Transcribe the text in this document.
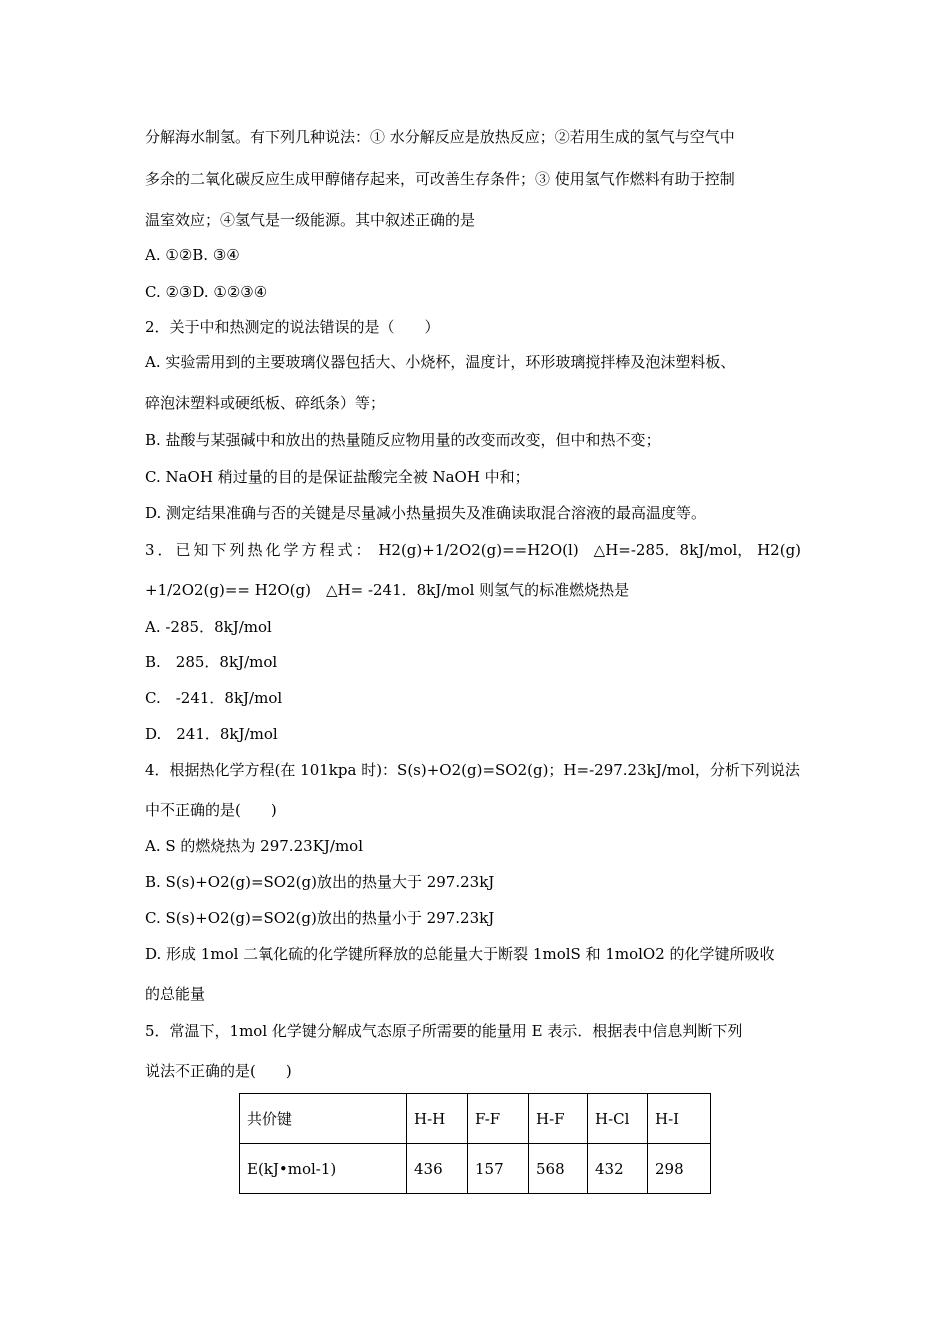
分解海水制氢。有下列几种说法：① 水分解反应是放热反应；②若用生成的氢气与空气中
多余的二氧化碳反应生成甲醇储存起来，可改善生存条件；③ 使用氢气作燃料有助于控制
温室效应；④氢气是一级能源。其中叙述正确的是
A. ①②B. ③④
C. ②③D. ①②③④
2．关于中和热测定的说法错误的是（　　）
A. 实验需用到的主要玻璃仪器包括大、小烧杯，温度计，环形玻璃搅拌棒及泡沫塑料板、
碎泡沫塑料或硬纸板、碎纸条）等；
B. 盐酸与某强碱中和放出的热量随反应物用量的改变而改变，但中和热不变；
C. NaOH 稍过量的目的是保证盐酸完全被 NaOH 中和；
D. 测定结果准确与否的关键是尽量减小热量损失及准确读取混合溶液的最高温度等。
3．已知下列热化学方程式： H2(g)+1/2O2(g)==H2O(l)　△H=-285．8kJ/mol， H2(g)
+1/2O2(g)== H2O(g)　△H= -241．8kJ/mol 则氢气的标准燃烧热是
A. -285．8kJ/mol
B.　285．8kJ/mol
C.　-241．8kJ/mol
D.　241．8kJ/mol
4．根据热化学方程(在 101kpa 时)：S(s)+O2(g)=SO2(g)；H=-297.23kJ/mol，分析下列说法
中不正确的是(　　)
A. S 的燃烧热为 297.23KJ/mol
B. S(s)+O2(g)=SO2(g)放出的热量大于 297.23kJ
C. S(s)+O2(g)=SO2(g)放出的热量小于 297.23kJ
D. 形成 1mol 二氧化硫的化学键所释放的总能量大于断裂 1molS 和 1molO2 的化学键所吸收
的总能量
5．常温下，1mol 化学键分解成气态原子所需要的能量用 E 表示．根据表中信息判断下列
说法不正确的是(　　)
共价键	H-H	F-F	H-F	H-Cl	H-I
E(kJ•mol-1)	436	157	568	432	298
